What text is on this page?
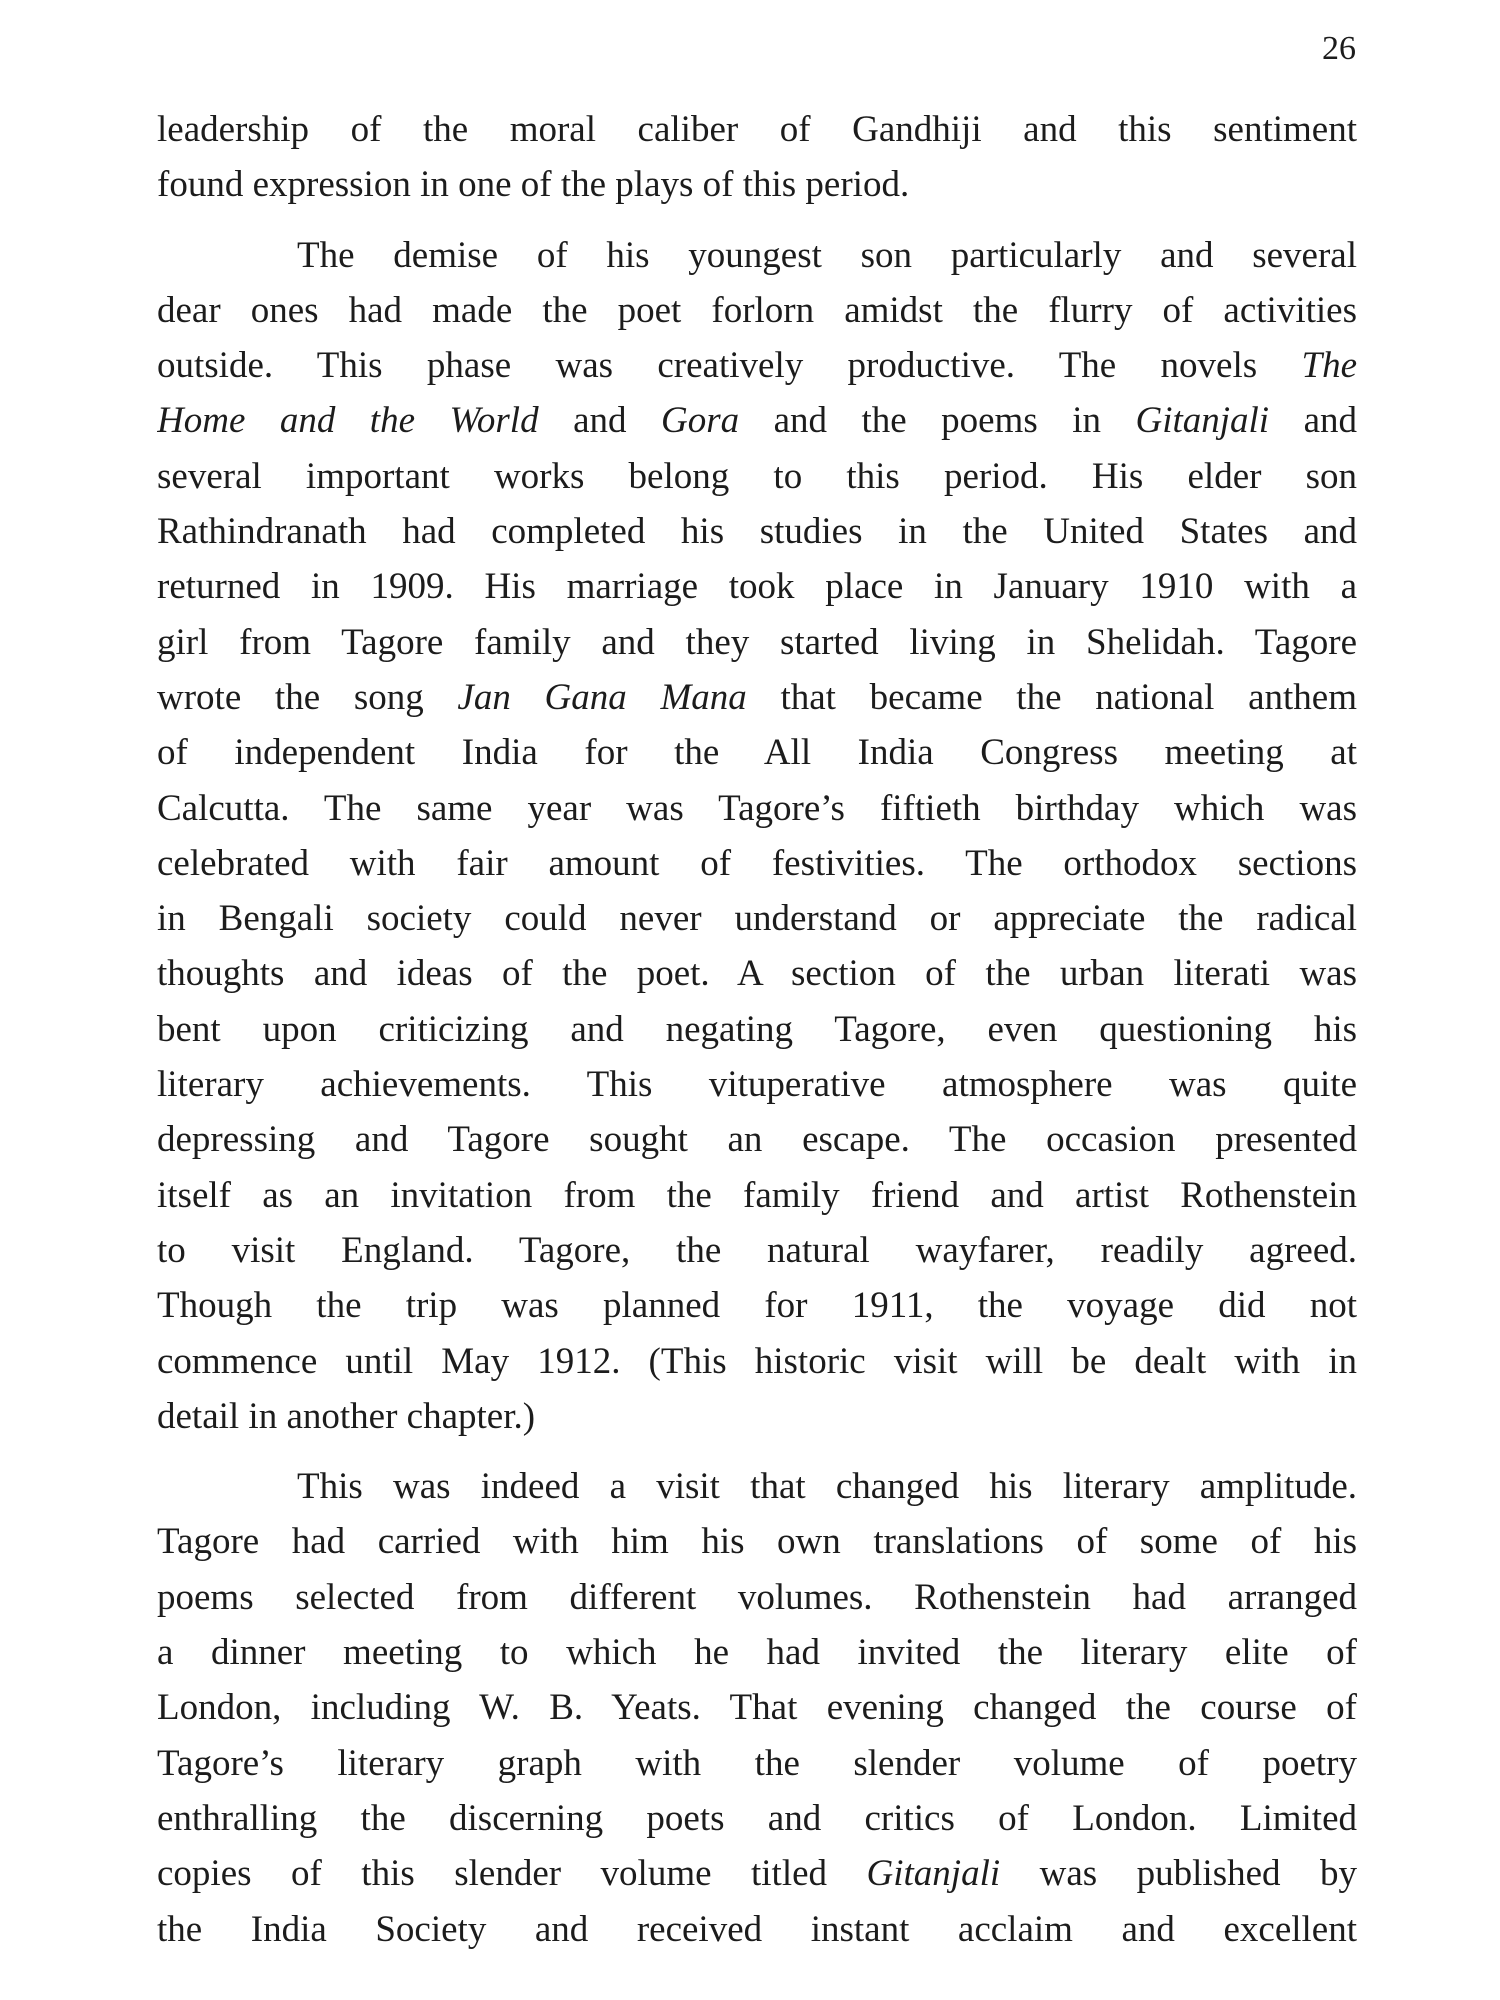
26
leadership of the moral caliber of Gandhiji and this sentiment
found expression in one of the plays of this period.
The demise of his youngest son particularly and several
dear ones had made the poet forlorn amidst the flurry of activities
outside. This phase was creatively productive. The novels The
Home and the World and Gora and the poems in Gitanjali and
several important works belong to this period. His elder son
Rathindranath had completed his studies in the United States and
returned in 1909. His marriage took place in January 1910 with a
girl from Tagore family and they started living in Shelidah. Tagore
wrote the song Jan Gana Mana that became the national anthem
of independent India for the All India Congress meeting at
Calcutta. The same year was Tagore’s fiftieth birthday which was
celebrated with fair amount of festivities. The orthodox sections
in Bengali society could never understand or appreciate the radical
thoughts and ideas of the poet. A section of the urban literati was
bent upon criticizing and negating Tagore, even questioning his
literary achievements. This vituperative atmosphere was quite
depressing and Tagore sought an escape. The occasion presented
itself as an invitation from the family friend and artist Rothenstein
to visit England. Tagore, the natural wayfarer, readily agreed.
Though the trip was planned for 1911, the voyage did not
commence until May 1912. (This historic visit will be dealt with in
detail in another chapter.)
This was indeed a visit that changed his literary amplitude.
Tagore had carried with him his own translations of some of his
poems selected from different volumes. Rothenstein had arranged
a dinner meeting to which he had invited the literary elite of
London, including W. B. Yeats. That evening changed the course of
Tagore’s literary graph with the slender volume of poetry
enthralling the discerning poets and critics of London. Limited
copies of this slender volume titled Gitanjali was published by
the India Society and received instant acclaim and excellent
